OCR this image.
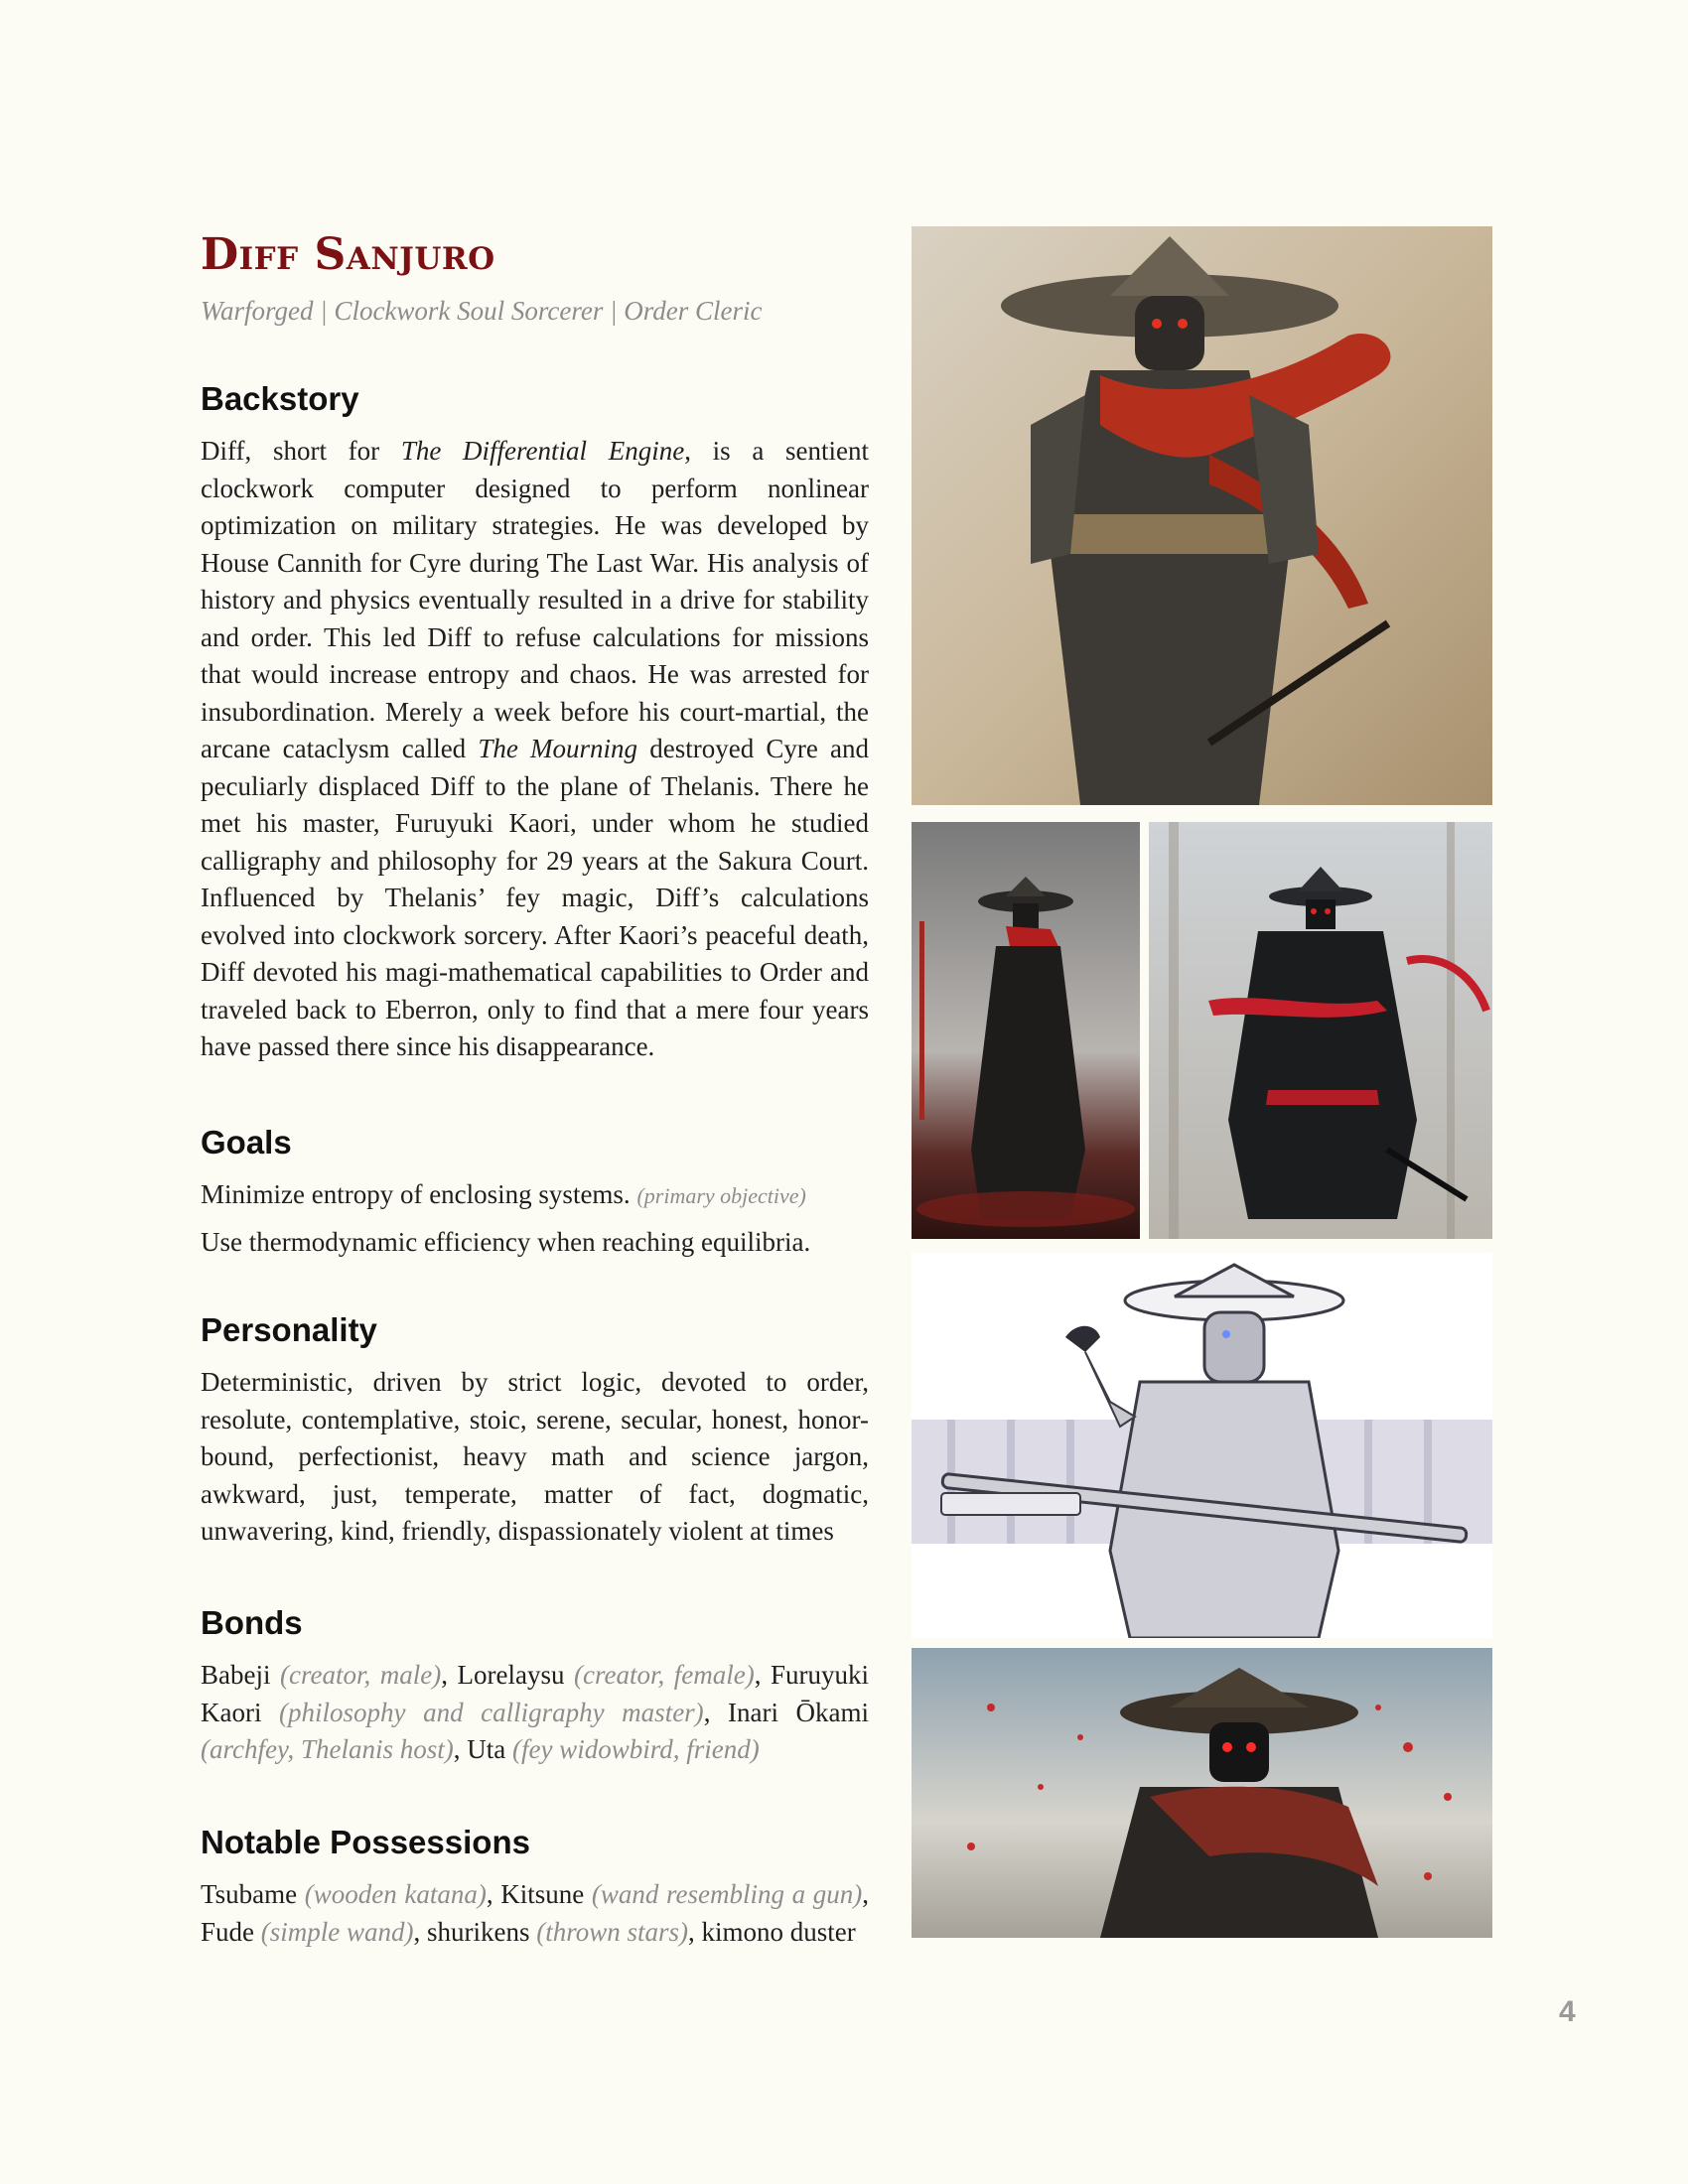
Diff Sanjuro
Warforged | Clockwork Soul Sorcerer | Order Cleric
Backstory

Diff, short for The Differential Engine, is a sentient clockwork computer designed to perform nonlinear optimization on military strategies. He was developed by House Cannith for Cyre during The Last War. His analysis of history and physics eventually resulted in a drive for stability and order. This led Diff to refuse calculations for missions that would increase entropy and chaos. He was arrested for insubordination. Merely a week before his court-martial, the arcane cataclysm called The Mourning destroyed Cyre and peculiarly displaced Diff to the plane of Thelanis. There he met his master, Furuyuki Kaori, under whom he studied calligraphy and philosophy for 29 years at the Sakura Court. Influenced by Thelanis’ fey magic, Diff’s calculations evolved into clockwork sorcery. After Kaori’s peaceful death, Diff devoted his magi-mathematical capabilities to Order and traveled back to Eberron, only to find that a mere four years have passed there since his disappearance.

Goals

Minimize entropy of enclosing systems. (primary objective)

Use thermodynamic efficiency when reaching equilibria.

Personality

Deterministic, driven by strict logic, devoted to order, resolute, contemplative, stoic, serene, secular, honest, honor-bound, perfectionist, heavy math and science jargon, awkward, just, temperate, matter of fact, dogmatic, unwavering, kind, friendly, dispassionately violent at times

Bonds

Babeji (creator, male), Lorelaysu (creator, female), Furuyuki Kaori (philosophy and calligraphy master), Inari Ōkami (archfey, Thelanis host), Uta (fey widowbird, friend)

Notable Possessions

Tsubame (wooden katana), Kitsune (wand resembling a gun), Fude (simple wand), shurikens (thrown stars), kimono duster

4
